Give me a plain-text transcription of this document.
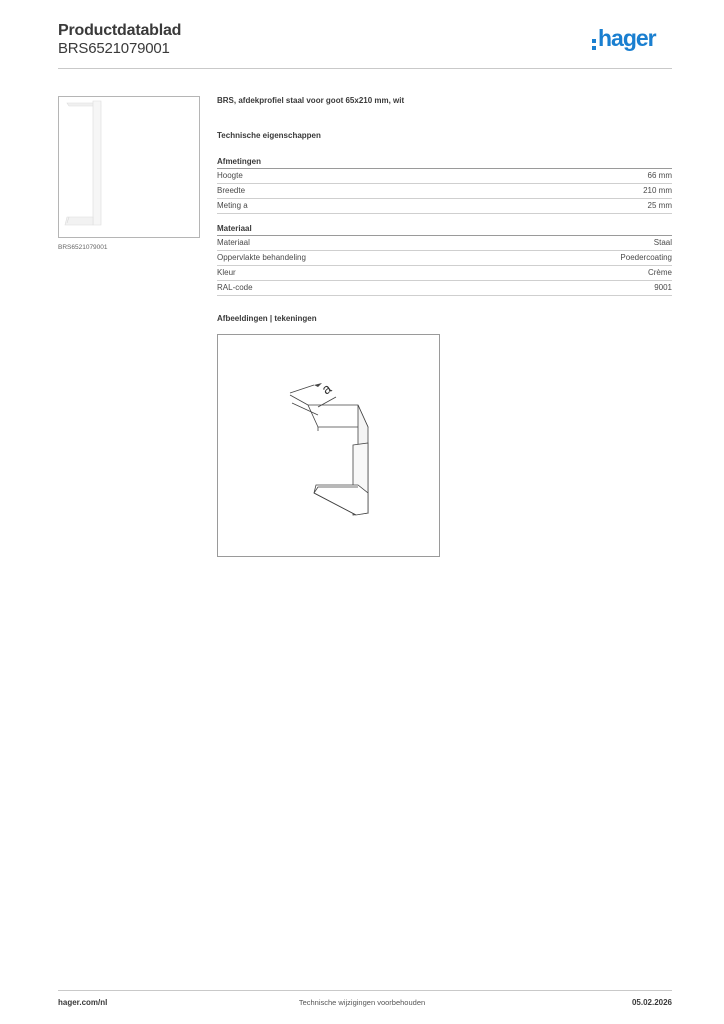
Productdatablad
BRS6521079001	hager
BRS6521079001
BRS, afdekprofiel staal voor goot 65x210 mm, wit
Technische eigenschappen
Afmetingen
Hoogte	66 mm
Breedte	210 mm
Meting a	25 mm
Materiaal
Materiaal	Staal
Oppervlakte behandeling	Poedercoating
Kleur	Crème
RAL-code	9001
Afbeeldingen | tekeningen
a
hager.com/nl	Technische wijzigingen voorbehouden	05.02.2026
